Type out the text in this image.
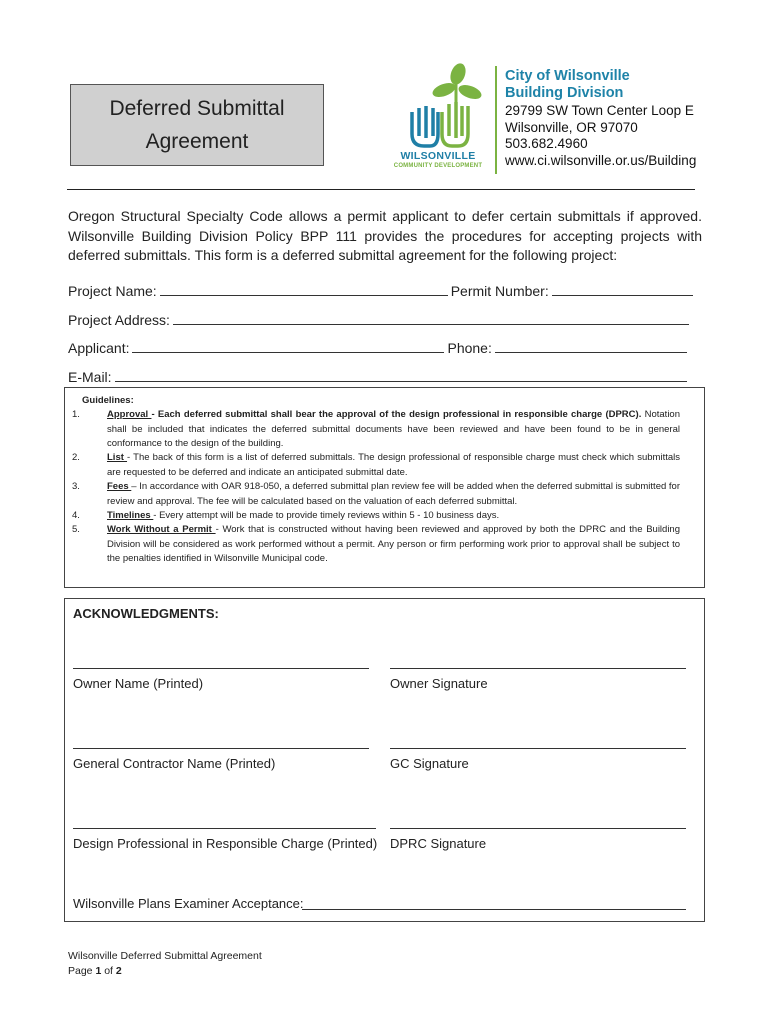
Deferred Submittal
Agreement
WILSONVILLE
COMMUNITY DEVELOPMENT
City of Wilsonville
Building Division
29799 SW Town Center Loop E
Wilsonville, OR 97070
503.682.4960
www.ci.wilsonville.or.us/Building
Oregon Structural Specialty Code allows a permit applicant to defer certain submittals if approved. Wilsonville Building Division Policy BPP 111 provides the procedures for accepting projects with deferred submittals. This form is a deferred submittal agreement for the following project:
Project Name:	Permit Number:
Project Address:
Applicant:	Phone:
E-Mail:
Guidelines:
1.	Approval - Each deferred submittal shall bear the approval of the design professional in responsible charge (DPRC). Notation shall be included that indicates the deferred submittal documents have been reviewed and have been found to be in general conformance to the design of the building.
2.	List - The back of this form is a list of deferred submittals. The design professional of responsible charge must check which submittals are requested to be deferred and indicate an anticipated submittal date.
3.	Fees – In accordance with OAR 918-050, a deferred submittal plan review fee will be added when the deferred submittal is submitted for review and approval. The fee will be calculated based on the valuation of each deferred submittal.
4.	Timelines - Every attempt will be made to provide timely reviews within 5 - 10 business days.
5.	Work Without a Permit - Work that is constructed without having been reviewed and approved by both the DPRC and the Building Division will be considered as work performed without a permit. Any person or firm performing work prior to approval shall be subject to the penalties identified in Wilsonville Municipal code.
ACKNOWLEDGMENTS:
Owner Name (Printed)	Owner Signature
General Contractor Name (Printed)	GC Signature
Design Professional in Responsible Charge (Printed) DPRC Signature
Wilsonville Plans Examiner Acceptance:
Wilsonville Deferred Submittal Agreement
Page 1 of 2
